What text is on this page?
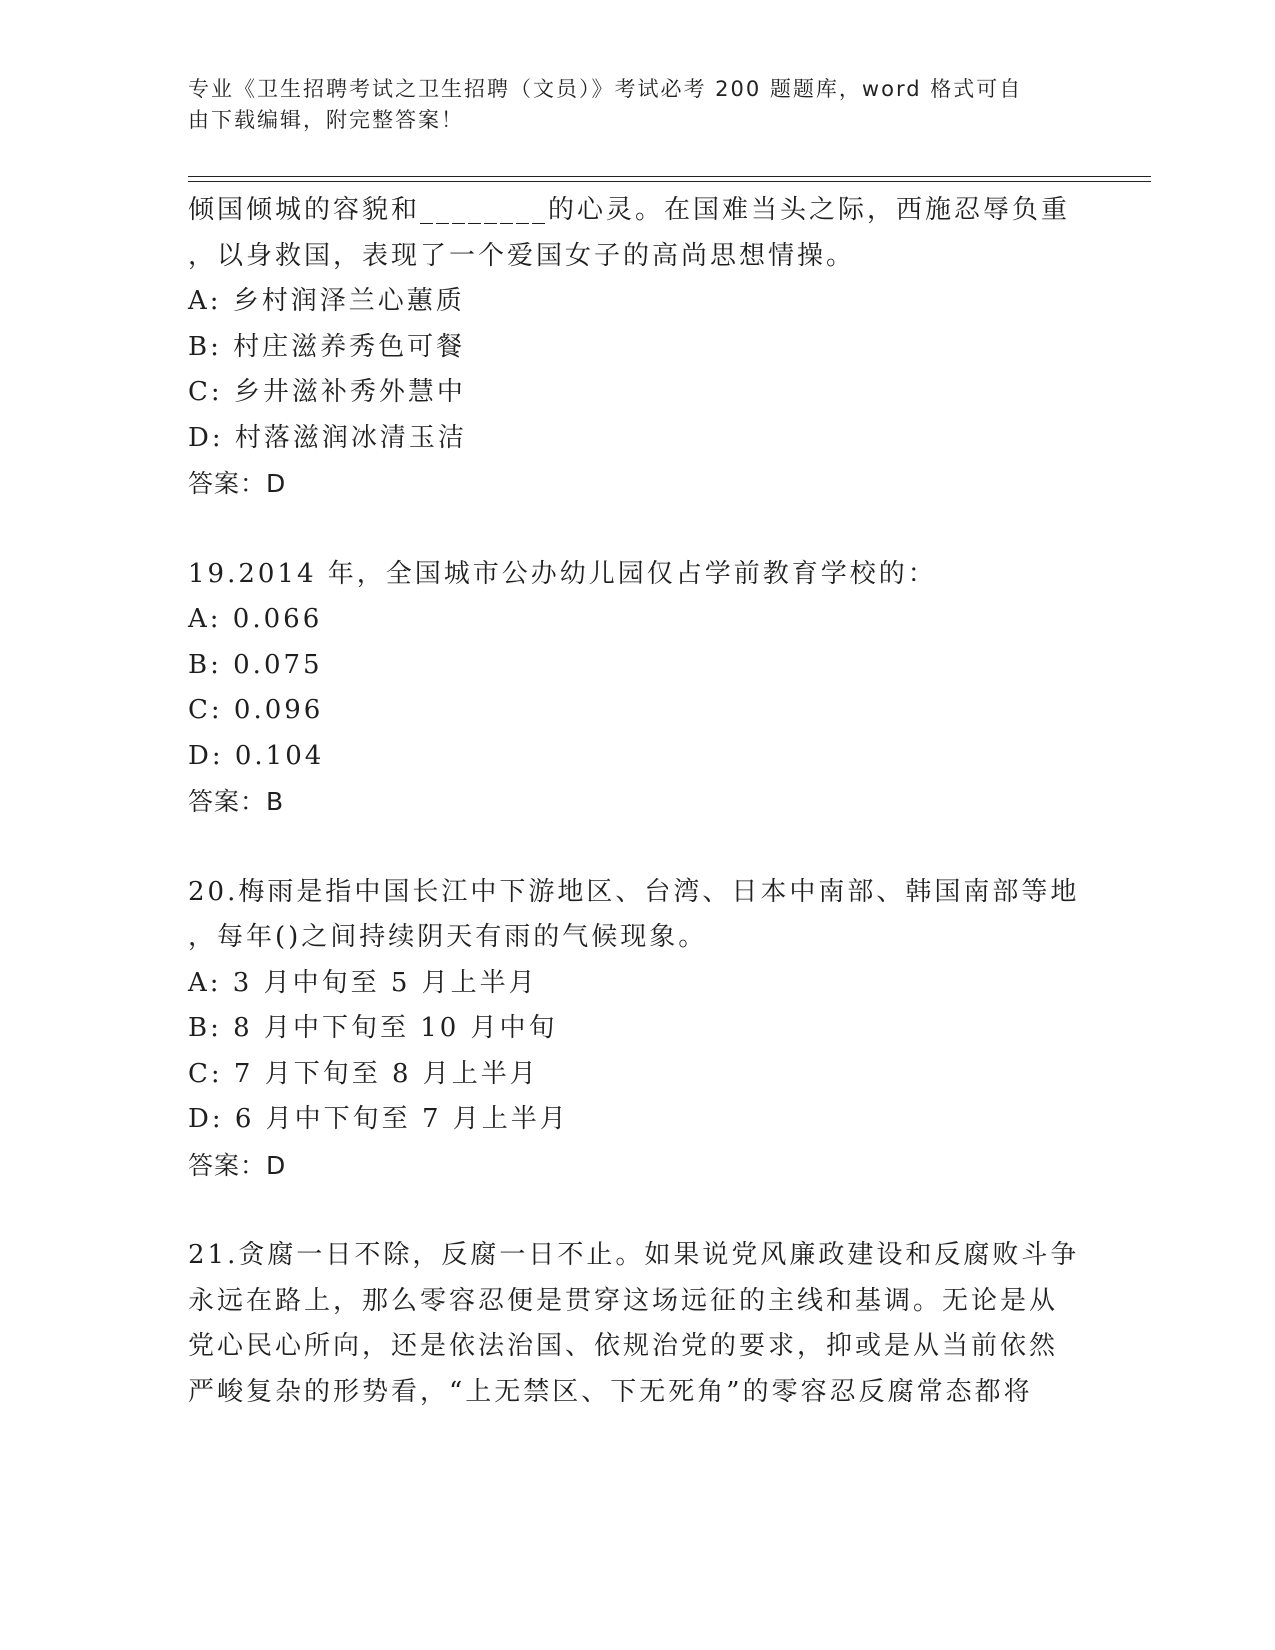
专业《卫生招聘考试之卫生招聘（文员）》考试必考 200 题题库，word 格式可自
由下载编辑，附完整答案！
倾国倾城的容貌和________的心灵。在国难当头之际，西施忍辱负重
，以身救国，表现了一个爱国女子的高尚思想情操。
A: 乡村润泽兰心蕙质
B: 村庄滋养秀色可餐
C: 乡井滋补秀外慧中
D: 村落滋润冰清玉洁
答案：D
19.2014 年，全国城市公办幼儿园仅占学前教育学校的：
A: 0.066
B: 0.075
C: 0.096
D: 0.104
答案：B
20.梅雨是指中国长江中下游地区、台湾、日本中南部、韩国南部等地
，每年()之间持续阴天有雨的气候现象。
A: 3 月中旬至 5 月上半月
B: 8 月中下旬至 10 月中旬
C: 7 月下旬至 8 月上半月
D: 6 月中下旬至 7 月上半月
答案：D
21.贪腐一日不除，反腐一日不止。如果说党风廉政建设和反腐败斗争
永远在路上，那么零容忍便是贯穿这场远征的主线和基调。无论是从
党心民心所向，还是依法治国、依规治党的要求，抑或是从当前依然
严峻复杂的形势看，“上无禁区、下无死角”的零容忍反腐常态都将
